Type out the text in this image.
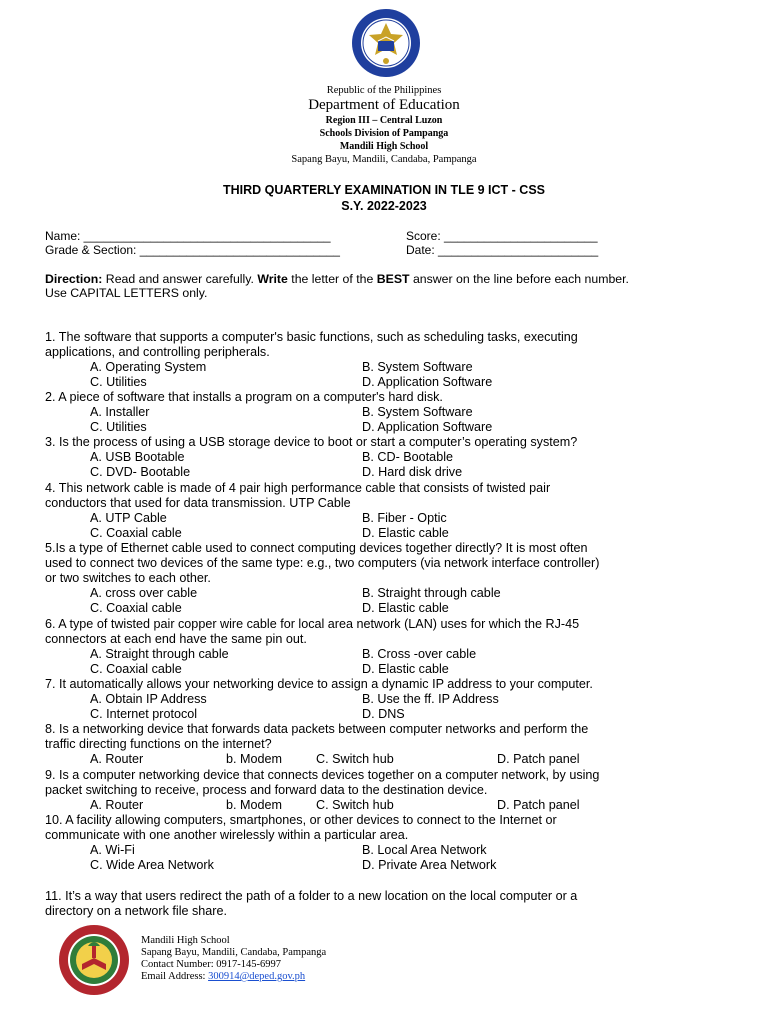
Republic of the Philippines
Department of Education
Region III – Central Luzon
Schools Division of Pampanga
Mandili High School
Sapang Bayu, Mandili, Candaba, Pampanga
THIRD QUARTERLY EXAMINATION IN TLE 9 ICT - CSS
S.Y. 2022-2023
Name: _____________________________________	Score: _______________________
Grade & Section: ______________________________	Date: ________________________
Direction: Read and answer carefully. Write the letter of the BEST answer on the line before each number.
Use CAPITAL LETTERS only.
1. The software that supports a computer's basic functions, such as scheduling tasks, executing
applications, and controlling peripherals.
A. Operating System	B. System Software
C. Utilities	D. Application Software
2. A piece of software that installs a program on a computer's hard disk.
A. Installer	B. System Software
C. Utilities	D. Application Software
3. Is the process of using a USB storage device to boot or start a computer’s operating system?
A. USB Bootable	B. CD- Bootable
C. DVD- Bootable	D. Hard disk drive
4. This network cable is made of 4 pair high performance cable that consists of twisted pair
conductors that used for data transmission. UTP Cable
A. UTP Cable	B. Fiber - Optic
C. Coaxial cable	D. Elastic cable
5.Is a type of Ethernet cable used to connect computing devices together directly? It is most often
used to connect two devices of the same type: e.g., two computers (via network interface controller)
or two switches to each other.
A. cross over cable	B. Straight through cable
C. Coaxial cable	D. Elastic cable
6. A type of twisted pair copper wire cable for local area network (LAN) uses for which the RJ-45
connectors at each end have the same pin out.
A. Straight through cable	B. Cross -over cable
C. Coaxial cable	D. Elastic cable
7. It automatically allows your networking device to assign a dynamic IP address to your computer.
A. Obtain IP Address	B. Use the ff. IP Address
C. Internet protocol	D. DNS
8. Is a networking device that forwards data packets between computer networks and perform the
traffic directing functions on the internet?
A. Router	b. Modem	C. Switch hub	D. Patch panel
9. Is a computer networking device that connects devices together on a computer network, by using
packet switching to receive, process and forward data to the destination device.
A. Router	b. Modem	C. Switch hub	D. Patch panel
10. A facility allowing computers, smartphones, or other devices to connect to the Internet or
communicate with one another wirelessly within a particular area.
A. Wi-Fi	B. Local Area Network
C. Wide Area Network	D. Private Area Network
11. It’s a way that users redirect the path of a folder to a new location on the local computer or a
directory on a network file share.
Mandili High School
Sapang Bayu, Mandili, Candaba, Pampanga
Contact Number: 0917-145-6997
Email Address: 300914@deped.gov.ph
